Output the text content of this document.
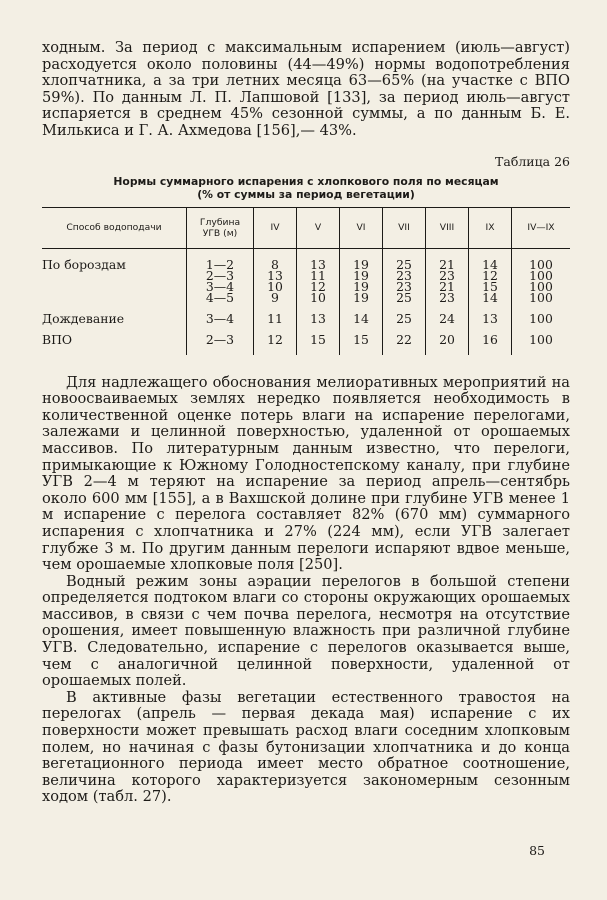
ходным. За период с максимальным испарением (июль—август) расходуется около половины (44—49%) нормы водопотребления хлопчатника, а за три летних месяца 63—65% (на участке с ВПО 59%). По данным Л. П. Лапшовой [133], за период июль—август испаряется в среднем 45% сезонной суммы, а по данным Б. Е. Милькиса и Г. А. Ахмедова [156],— 43%.

Таблица 26
Нормы суммарного испарения с хлопкового поля по месяцам
(% от суммы за период вегетации)
Способ водоподачи	Глубина
УГВ (м)	IV	V	VI	VII	VIII	IX	IV—IX

По бороздам	1—2	8	13	19	25	21	14	100
	2—3	13	11	19	23	23	12	100
	3—4	10	12	19	23	21	15	100
	4—5	9	10	19	25	23	14	100

Дождевание	3—4	11	13	14	25	24	13	100

ВПО	2—3	12	15	15	22	20	16	100

Для надлежащего обоснования мелиоративных мероприятий на новоосваиваемых землях нередко появляется необходимость в количественной оценке потерь влаги на испарение перелогами, залежами и целинной поверхностью, удаленной от орошаемых массивов. По литературным данным известно, что перелоги, примыкающие к Южному Голодностепскому каналу, при глубине УГВ 2—4 м теряют на испарение за период апрель—сентябрь около 600 мм [155], а в Вахшской долине при глубине УГВ менее 1 м испарение с перелога составляет 82% (670 мм) суммарного испарения с хлопчатника и 27% (224 мм), если УГВ залегает глубже 3 м. По другим данным перелоги испаряют вдвое меньше, чем орошаемые хлопковые поля [250].

Водный режим зоны аэрации перелогов в большой степени определяется подтоком влаги со стороны окружающих орошаемых массивов, в связи с чем почва перелога, несмотря на отсутствие орошения, имеет повышенную влажность при различной глубине УГВ. Следовательно, испарение с перелогов оказывается выше, чем с аналогичной целинной поверхности, удаленной от орошаемых полей.

В активные фазы вегетации естественного травостоя на перелогах (апрель — первая декада мая) испарение с их поверхности может превышать расход влаги соседним хлопковым полем, но начиная с фазы бутонизации хлопчатника и до конца вегетационного периода имеет место обратное соотношение, величина которого характеризуется закономерным сезонным ходом (табл. 27).

85
